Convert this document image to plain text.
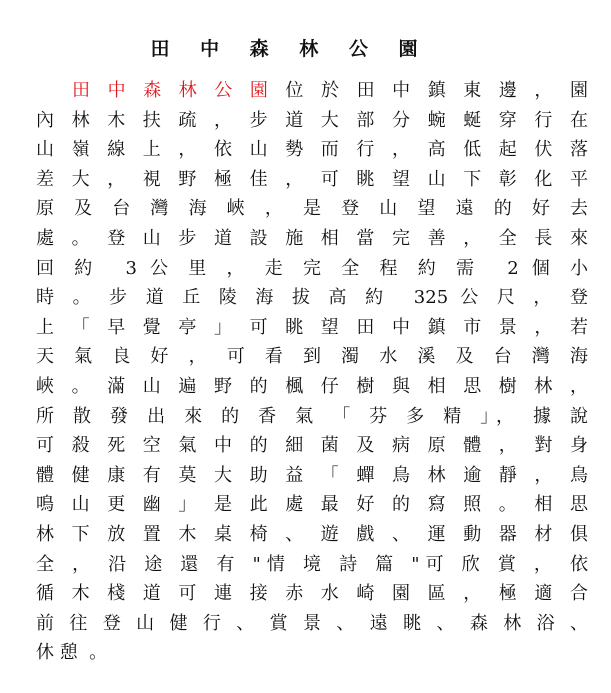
田 中 森 林 公 園
田 中 森 林 公 園 位 於 田 中 鎮 東 邊 ， 園
內 林 木 扶 疏 ， 步 道 大 部 分 蜿 蜒 穿 行 在
山 嶺 線 上 ， 依 山 勢 而 行 ， 高 低 起 伏 落
差 大 ， 視 野 極 佳 ， 可 眺 望 山 下 彰 化 平
原 及 台 灣 海 峽 ， 是 登 山 望 遠 的 好 去
處 。 登 山 步 道 設 施 相 當 完 善 ， 全 長 來
回 約  3 公 里 ， 走 完 全 程 約 需  2 個 小
時 。 步 道 丘 陵 海 拔 高 約  325 公 尺 ， 登
上 「 早 覺 亭 」 可 眺 望 田 中 鎮 市 景 ， 若
天 氣 良 好 ， 可 看 到 濁 水 溪 及 台 灣 海
峽 。 滿 山 遍 野 的 楓 仔 樹 與 相 思 樹 林 ，
所 散 發 出 來 的 香 氣 「 芬 多 精 」， 據 說
可 殺 死 空 氣 中 的 細 菌 及 病 原 體 ， 對 身
體 健 康 有 莫 大 助 益 「 蟬 鳥 林 逾 靜 ， 鳥
鳴 山 更 幽 」 是 此 處 最 好 的 寫 照 。 相 思
林 下 放 置 木 桌 椅 、 遊 戲 、 運 動 器 材 俱
全 ， 沿 途 還 有 "情 境 詩 篇 "可 欣 賞 ， 依
循 木 棧 道 可 連 接 赤 水 崎 園 區 ， 極 適 合
前 往 登 山 健 行 、 賞 景 、 遠 眺 、 森 林 浴 、
休 憩  。
